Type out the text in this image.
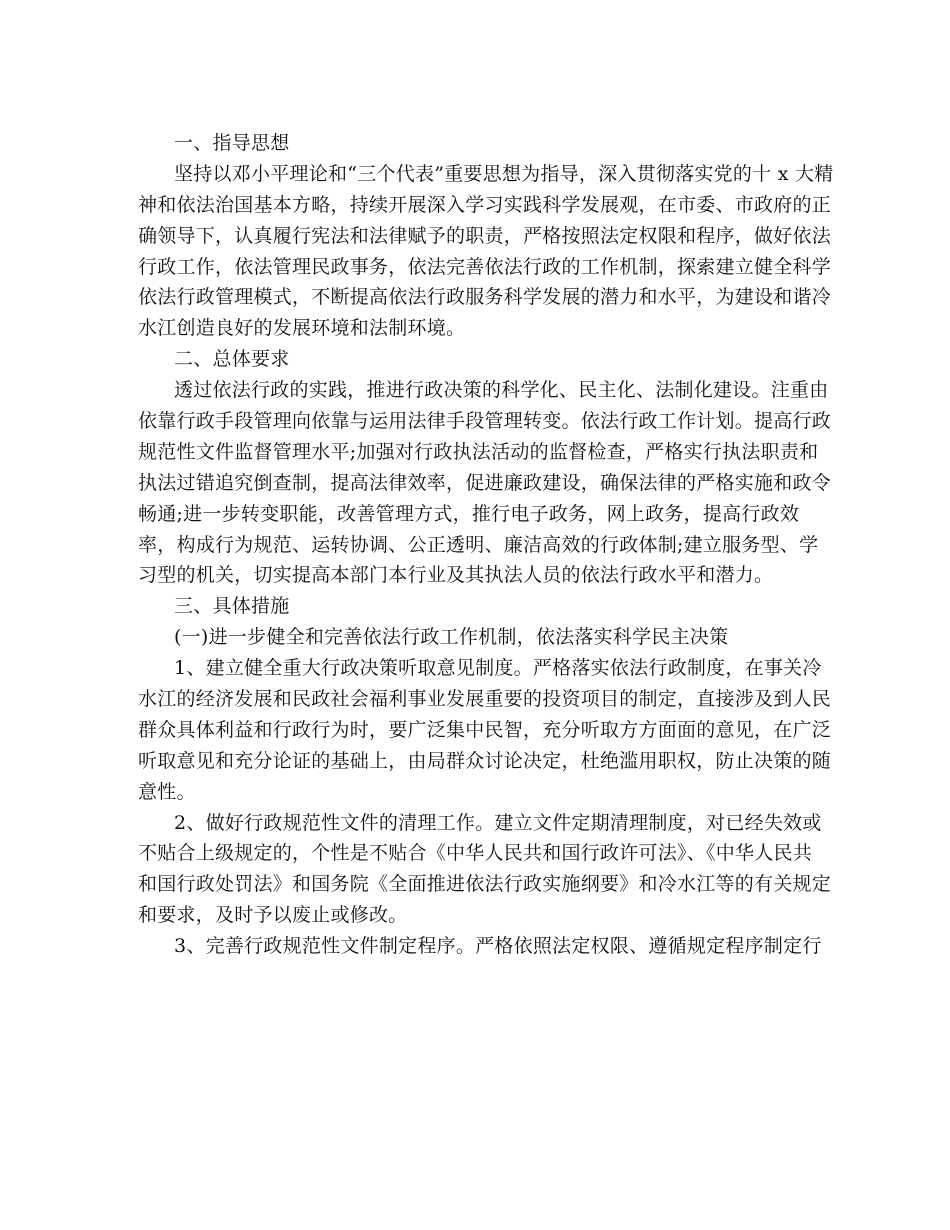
一、指导思想
坚持以邓小平理论和“三个代表”重要思想为指导，深入贯彻落实党的十 x 大精
神和依法治国基本方略，持续开展深入学习实践科学发展观，在市委、市政府的正
确领导下，认真履行宪法和法律赋予的职责，严格按照法定权限和程序，做好依法
行政工作，依法管理民政事务，依法完善依法行政的工作机制，探索建立健全科学
依法行政管理模式，不断提高依法行政服务科学发展的潜力和水平，为建设和谐冷
水江创造良好的发展环境和法制环境。
二、总体要求
透过依法行政的实践，推进行政决策的科学化、民主化、法制化建设。注重由
依靠行政手段管理向依靠与运用法律手段管理转变。依法行政工作计划。提高行政
规范性文件监督管理水平;加强对行政执法活动的监督检查，严格实行执法职责和
执法过错追究倒查制，提高法律效率，促进廉政建设，确保法律的严格实施和政令
畅通;进一步转变职能，改善管理方式，推行电子政务，网上政务，提高行政效
率，构成行为规范、运转协调、公正透明、廉洁高效的行政体制;建立服务型、学
习型的机关，切实提高本部门本行业及其执法人员的依法行政水平和潜力。
三、具体措施
(一)进一步健全和完善依法行政工作机制，依法落实科学民主决策
1、建立健全重大行政决策听取意见制度。严格落实依法行政制度，在事关冷
水江的经济发展和民政社会福利事业发展重要的投资项目的制定，直接涉及到人民
群众具体利益和行政行为时，要广泛集中民智，充分听取方方面面的意见，在广泛
听取意见和充分论证的基础上，由局群众讨论决定，杜绝滥用职权，防止决策的随
意性。
2、做好行政规范性文件的清理工作。建立文件定期清理制度，对已经失效或
不贴合上级规定的，个性是不贴合《中华人民共和国行政许可法》、《中华人民共
和国行政处罚法》和国务院《全面推进依法行政实施纲要》和冷水江等的有关规定
和要求，及时予以废止或修改。
3、完善行政规范性文件制定程序。严格依照法定权限、遵循规定程序制定行
